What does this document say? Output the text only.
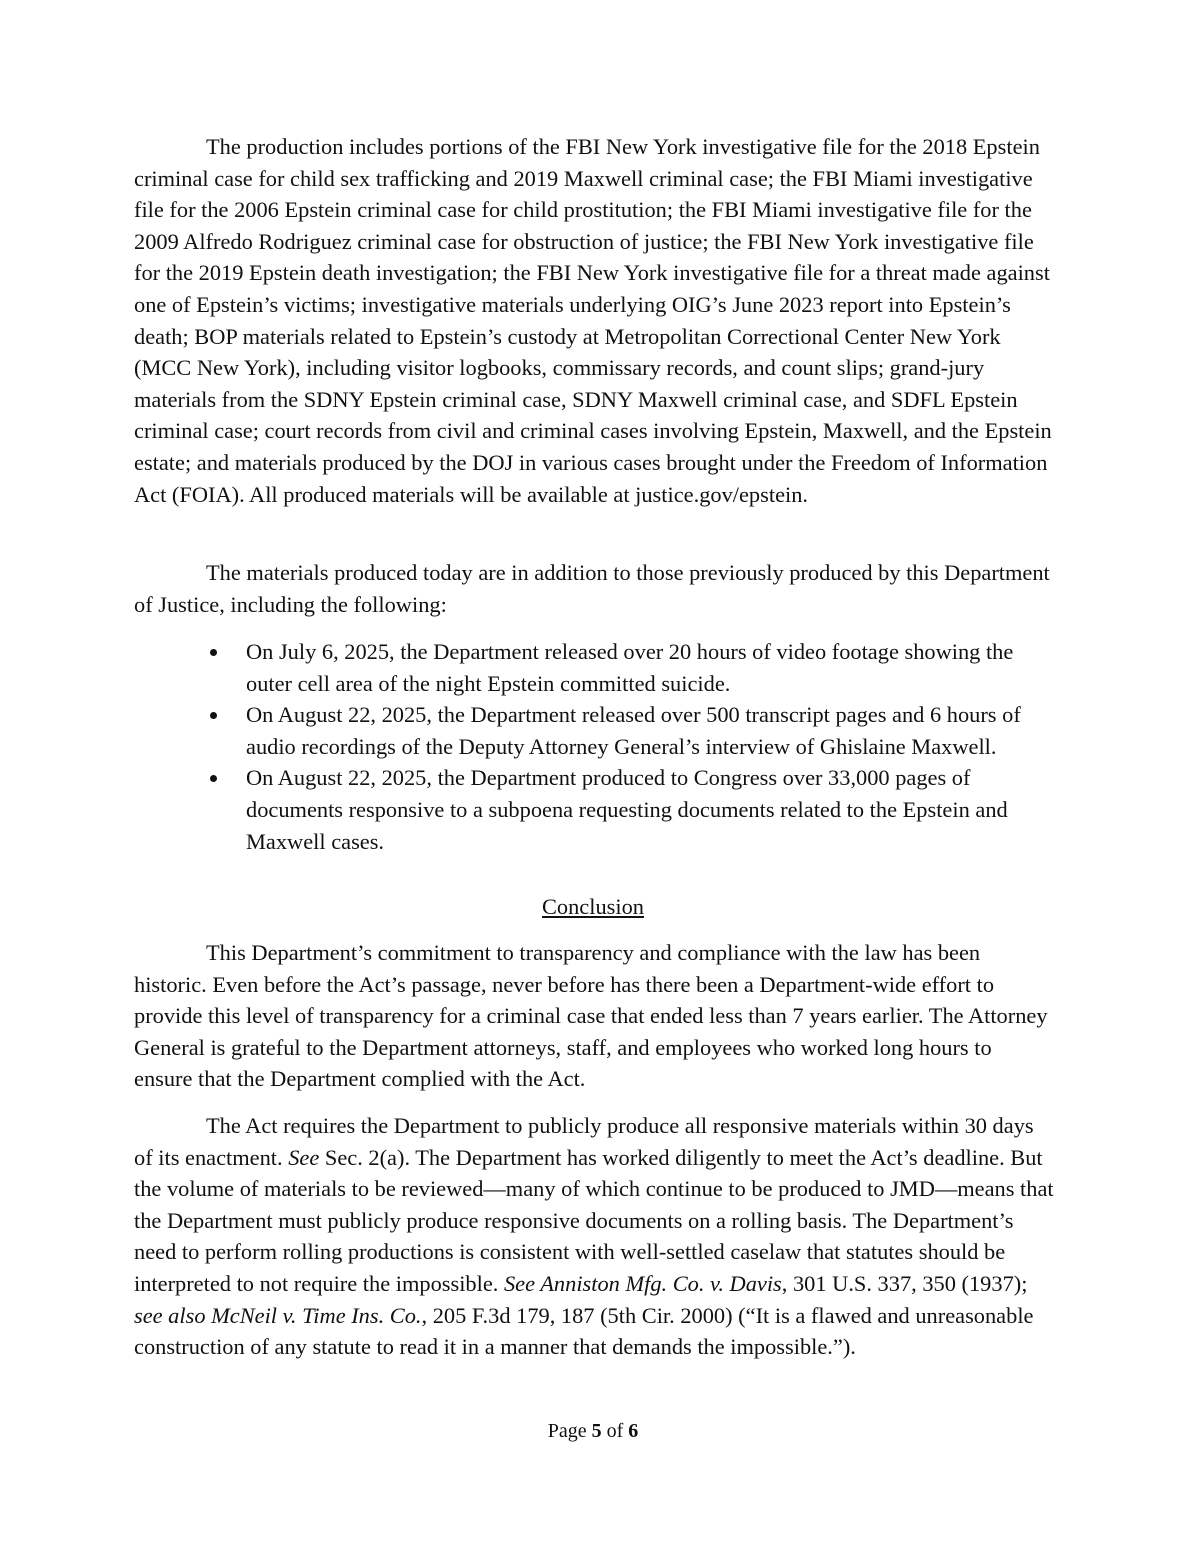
The production includes portions of the FBI New York investigative file for the 2018 Epstein criminal case for child sex trafficking and 2019 Maxwell criminal case; the FBI Miami investigative file for the 2006 Epstein criminal case for child prostitution; the FBI Miami investigative file for the 2009 Alfredo Rodriguez criminal case for obstruction of justice; the FBI New York investigative file for the 2019 Epstein death investigation; the FBI New York investigative file for a threat made against one of Epstein’s victims; investigative materials underlying OIG’s June 2023 report into Epstein’s death; BOP materials related to Epstein’s custody at Metropolitan Correctional Center New York (MCC New York), including visitor logbooks, commissary records, and count slips; grand-jury materials from the SDNY Epstein criminal case, SDNY Maxwell criminal case, and SDFL Epstein criminal case; court records from civil and criminal cases involving Epstein, Maxwell, and the Epstein estate; and materials produced by the DOJ in various cases brought under the Freedom of Information Act (FOIA). All produced materials will be available at justice.gov/epstein.

The materials produced today are in addition to those previously produced by this Department of Justice, including the following:

On July 6, 2025, the Department released over 20 hours of video footage showing the outer cell area of the night Epstein committed suicide.
On August 22, 2025, the Department released over 500 transcript pages and 6 hours of audio recordings of the Deputy Attorney General’s interview of Ghislaine Maxwell.
On August 22, 2025, the Department produced to Congress over 33,000 pages of documents responsive to a subpoena requesting documents related to the Epstein and Maxwell cases.
Conclusion

This Department’s commitment to transparency and compliance with the law has been historic. Even before the Act’s passage, never before has there been a Department-wide effort to provide this level of transparency for a criminal case that ended less than 7 years earlier. The Attorney General is grateful to the Department attorneys, staff, and employees who worked long hours to ensure that the Department complied with the Act.

The Act requires the Department to publicly produce all responsive materials within 30 days of its enactment. See Sec. 2(a). The Department has worked diligently to meet the Act’s deadline. But the volume of materials to be reviewed—many of which continue to be produced to JMD—means that the Department must publicly produce responsive documents on a rolling basis. The Department’s need to perform rolling productions is consistent with well-settled caselaw that statutes should be interpreted to not require the impossible. See Anniston Mfg. Co. v. Davis, 301 U.S. 337, 350 (1937); see also McNeil v. Time Ins. Co., 205 F.3d 179, 187 (5th Cir. 2000) (“It is a flawed and unreasonable construction of any statute to read it in a manner that demands the impossible.”).

Page 5 of 6
